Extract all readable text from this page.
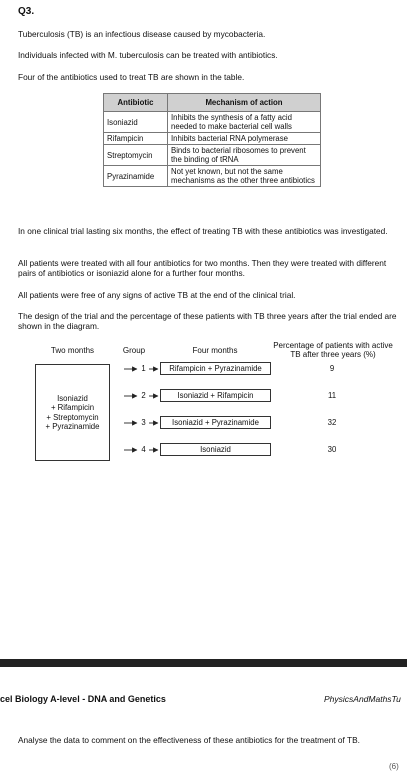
Q3.
Tuberculosis (TB) is an infectious disease caused by mycobacteria.
Individuals infected with M. tuberculosis can be treated with antibiotics.
Four of the antibiotics used to treat TB are shown in the table.
Antibiotic	Mechanism of action
Isoniazid	Inhibits the synthesis of a fatty acid needed to make bacterial cell walls
Rifampicin	Inhibits bacterial RNA polymerase
Streptomycin	Binds to bacterial ribosomes to prevent the binding of tRNA
Pyrazinamide	Not yet known, but not the same mechanisms as the other three antibiotics
In one clinical trial lasting six months, the effect of treating TB with these antibiotics was investigated.
All patients were treated with all four antibiotics for two months. Then they were treated with different pairs of antibiotics or isoniazid alone for a further four months.
All patients were free of any signs of active TB at the end of the clinical trial.
The design of the trial and the percentage of these patients with TB three years after the trial ended are shown in the diagram.
Two months	Group	Four months
Percentage of patients with active TB after three years (%)
Isoniazid
+ Rifampicin
+ Streptomycin
+ Pyrazinamide
1	Rifampicin + Pyrazinamide	9
2	Isoniazid + Rifampicin	11
3	Isoniazid + Pyrazinamide	32
4	Isoniazid	30
cel Biology A-level - DNA and Genetics	PhysicsAndMathsTu
Analyse the data to comment on the effectiveness of these antibiotics for the treatment of TB.
(6)
